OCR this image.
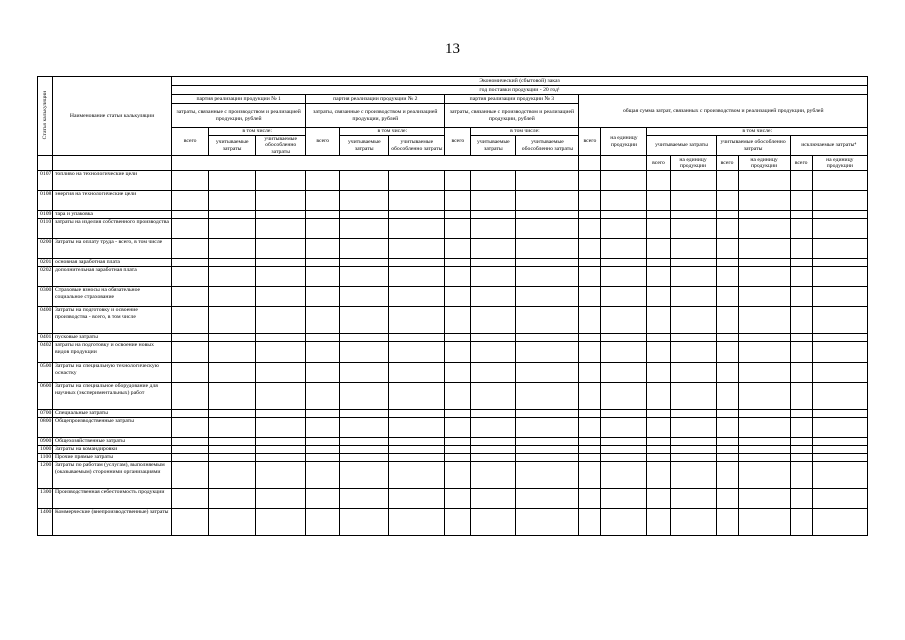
13
Статья калькуляции	Наименование статьи калькуляции	Экономический (сбытовой) заказ																
		год поставки продукции - 20 год¹																
		партия реализации продукции № 1			партия реализации продукции № 2			партия реализации продукции № 3			общая сумма затрат, связанных с производством и реализацией продукции, рублей							
		затраты, связанные с производством и реализацией продукции, рублей			затраты, связанные с производством и реализацией продукции, рублей			затраты, связанные с производством и реализацией продукции, рублей										
		всего	в том числе:		всего	в том числе:		всего	в том числе:									
											всего	на единицу продукции	в том числе:					
			учитываемые затраты	учитываемые обособленно затраты		учитываемые затраты	учитываемые обособленно затраты		учитываемые затраты	учитываемые обособленно затраты			учитываемые затраты		учитываемые обособленно затраты		исключаемые затраты⁴	
													всего	на единицу продукции	всего	на единицу продукции	всего	на единицу продукции
0107	топливо на технологические цели																	
0108	энергия на технологические цели																	
0109	тара и упаковка																	
0110	затраты на изделия собственного производства																	
0200	Затраты на оплату труда - всего, в том числе																	
0201	основная заработная плата																	
0202	дополнительная заработная плата																	
0300	Страховые взносы на обязательное социальное страхование																	
0400	Затраты на подготовку и освоение производства - всего, в том числе																	
0401	пусковые затраты																	
0402	затраты на подготовку и освоение новых видов продукции																	
0500	Затраты на специальную технологическую оснастку																	
0600	Затраты на специальное оборудование для научных (экспериментальных) работ																	
0700	Специальные затраты																	
0800	Общепроизводственные затраты																	
0900	Общехозяйственные затраты																	
1000	Затраты на командировки																	
1100	Прочие прямые затраты																	
1200	Затраты по работам (услугам), выполняемым (оказываемым) сторонними организациями																	
1300	Производственная себестоимость продукции																	
1400	Коммерческие (внепроизводственные) затраты																	
